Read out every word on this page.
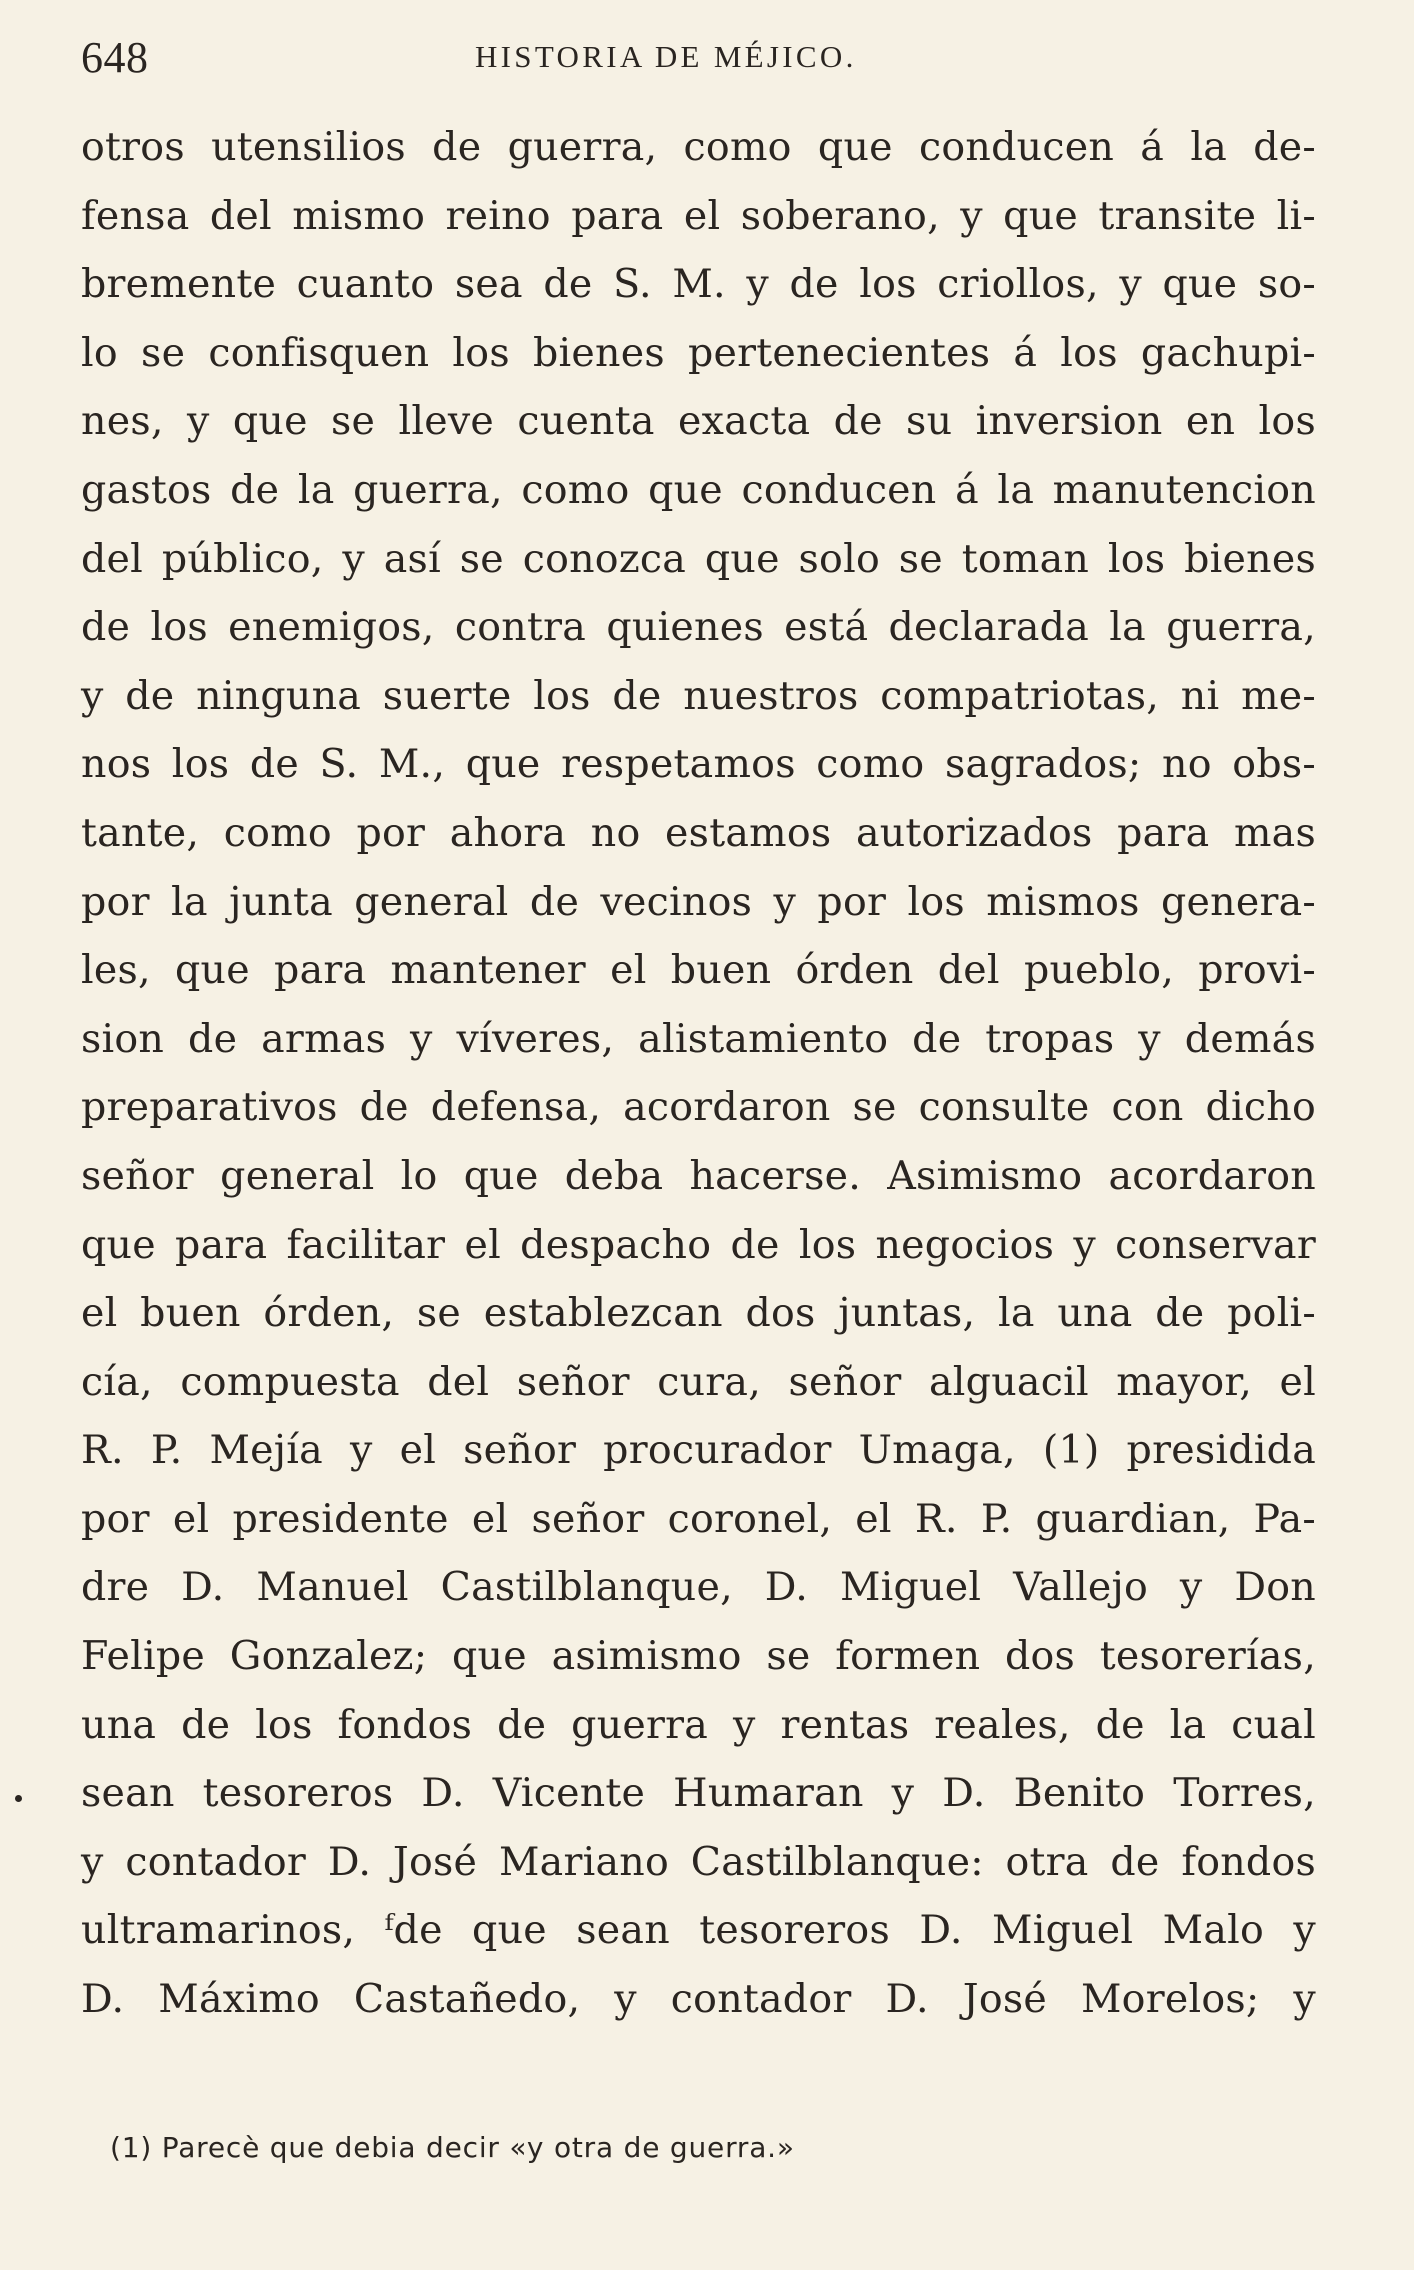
648	HISTORIA DE MÉJICO.
otros utensilios de guerra, como que conducen á la de-
fensa del mismo reino para el soberano, y que transite li-
bremente cuanto sea de S. M. y de los criollos, y que so-
lo se confisquen los bienes pertenecientes á los gachupi-
nes, y que se lleve cuenta exacta de su inversion en los
gastos de la guerra, como que conducen á la manutencion
del público, y así se conozca que solo se toman los bienes
de los enemigos, contra quienes está declarada la guerra,
y de ninguna suerte los de nuestros compatriotas, ni me-
nos los de S. M., que respetamos como sagrados; no obs-
tante, como por ahora no estamos autorizados para mas
por la junta general de vecinos y por los mismos genera-
les, que para mantener el buen órden del pueblo, provi-
sion de armas y víveres, alistamiento de tropas y demás
preparativos de defensa, acordaron se consulte con dicho
señor general lo que deba hacerse. Asimismo acordaron
que para facilitar el despacho de los negocios y conservar
el buen órden, se establezcan dos juntas, la una de poli-
cía, compuesta del señor cura, señor alguacil mayor, el
R. P. Mejía y el señor procurador Umaga, (1) presidida
por el presidente el señor coronel, el R. P. guardian, Pa-
dre D. Manuel Castilblanque, D. Miguel Vallejo y Don
Felipe Gonzalez; que asimismo se formen dos tesorerías,
una de los fondos de guerra y rentas reales, de la cual
sean tesoreros D. Vicente Humaran y D. Benito Torres,
y contador D. José Mariano Castilblanque: otra de fondos
ultramarinos, ᶠde que sean tesoreros D. Miguel Malo y
D. Máximo Castañedo, y contador D. José Morelos; y
(1) Parecè que debia decir «y otra de guerra.»
